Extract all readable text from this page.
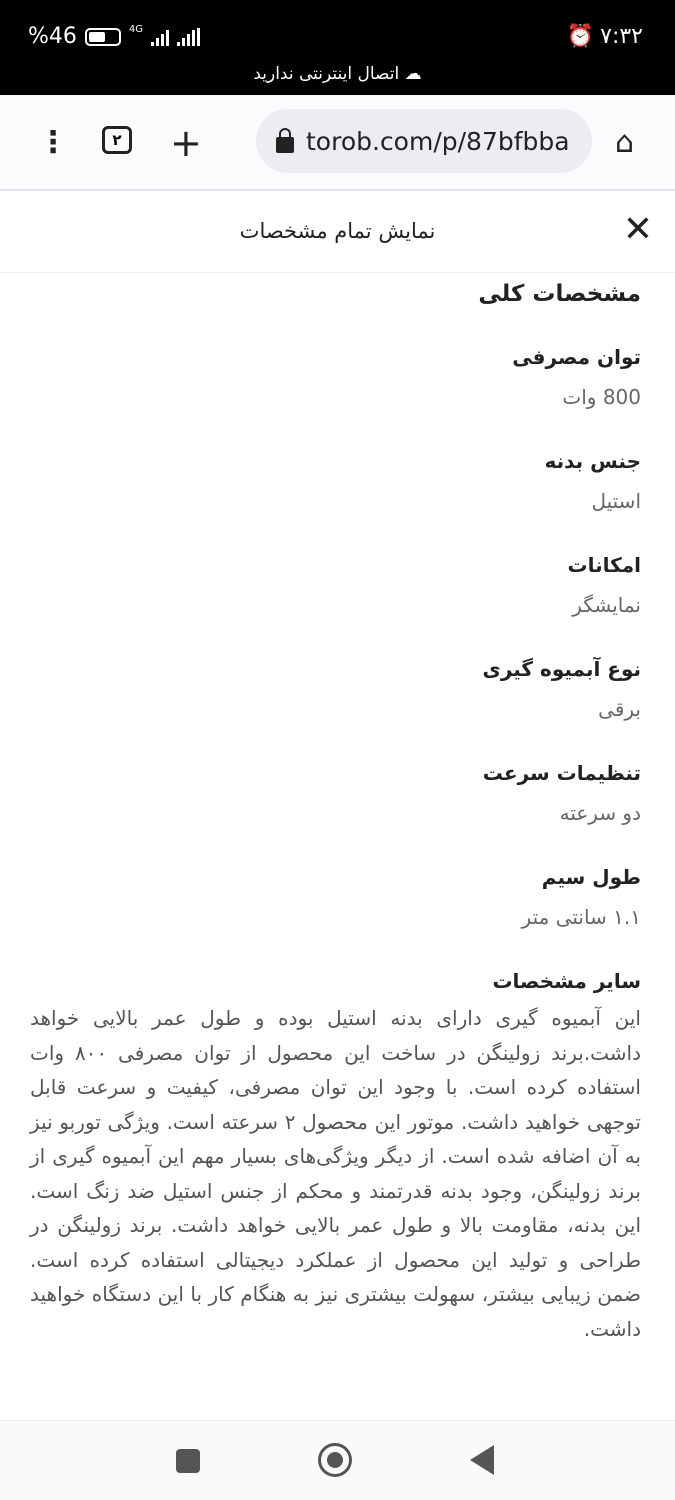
%46	4G	⏰ ۷:۳۲
☁ اتصال اینترنتی ندارید
⋮	۲ +	torob.com/p/87bfbba ⌂
نمایش تمام مشخصات	✕
مشخصات کلی
توان مصرفی
800 وات
جنس بدنه
استیل
امکانات
نمایشگر
نوع آبمیوه گیری
برقی
تنظیمات سرعت
دو سرعته
طول سیم
۱.۱ سانتی متر
سایر مشخصات
این آبمیوه گیری دارای بدنه استیل بوده و طول عمر بالایی خواهد داشت.برند زولینگن در ساخت این محصول از توان مصرفی ۸۰۰ وات استفاده کرده است. با وجود این توان مصرفی، کیفیت و سرعت قابل توجهی خواهید داشت. موتور این محصول ۲ سرعته است. ویژگی توربو نیز به آن اضافه شده است. از دیگر ویژگی‌های بسیار مهم این آبمیوه گیری از برند زولینگن، وجود بدنه قدرتمند و محکم از جنس استیل ضد زنگ است. این بدنه، مقاومت بالا و طول عمر بالایی خواهد داشت. برند زولینگن در طراحی و تولید این محصول از عملکرد دیجیتالی استفاده کرده است. ضمن زیبایی بیشتر، سهولت بیشتری نیز به هنگام کار با این دستگاه خواهید داشت.
